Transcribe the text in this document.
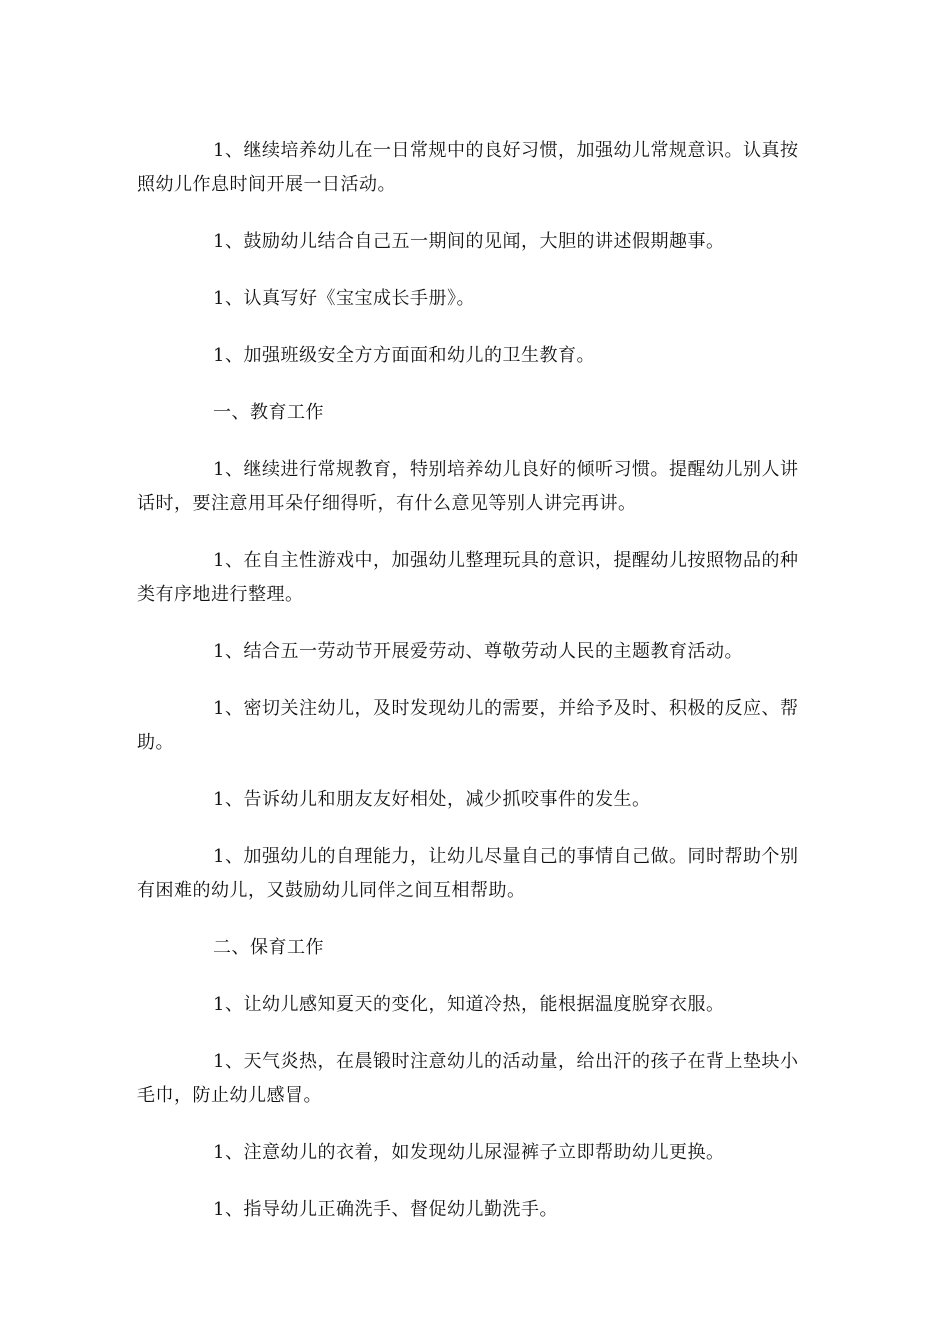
1、继续培养幼儿在一日常规中的良好习惯，加强幼儿常规意识。认真按照幼儿作息时间开展一日活动。

1、鼓励幼儿结合自己五一期间的见闻，大胆的讲述假期趣事。

1、认真写好《宝宝成长手册》。

1、加强班级安全方方面面和幼儿的卫生教育。

一、教育工作

1、继续进行常规教育，特别培养幼儿良好的倾听习惯。提醒幼儿别人讲话时，要注意用耳朵仔细得听，有什么意见等别人讲完再讲。

1、在自主性游戏中，加强幼儿整理玩具的意识，提醒幼儿按照物品的种类有序地进行整理。

1、结合五一劳动节开展爱劳动、尊敬劳动人民的主题教育活动。

1、密切关注幼儿，及时发现幼儿的需要，并给予及时、积极的反应、帮助。

1、告诉幼儿和朋友友好相处，减少抓咬事件的发生。

1、加强幼儿的自理能力，让幼儿尽量自己的事情自己做。同时帮助个别有困难的幼儿，又鼓励幼儿同伴之间互相帮助。

二、保育工作

1、让幼儿感知夏天的变化，知道冷热，能根据温度脱穿衣服。

1、天气炎热，在晨锻时注意幼儿的活动量，给出汗的孩子在背上垫块小毛巾，防止幼儿感冒。

1、注意幼儿的衣着，如发现幼儿尿湿裤子立即帮助幼儿更换。

1、指导幼儿正确洗手、督促幼儿勤洗手。
